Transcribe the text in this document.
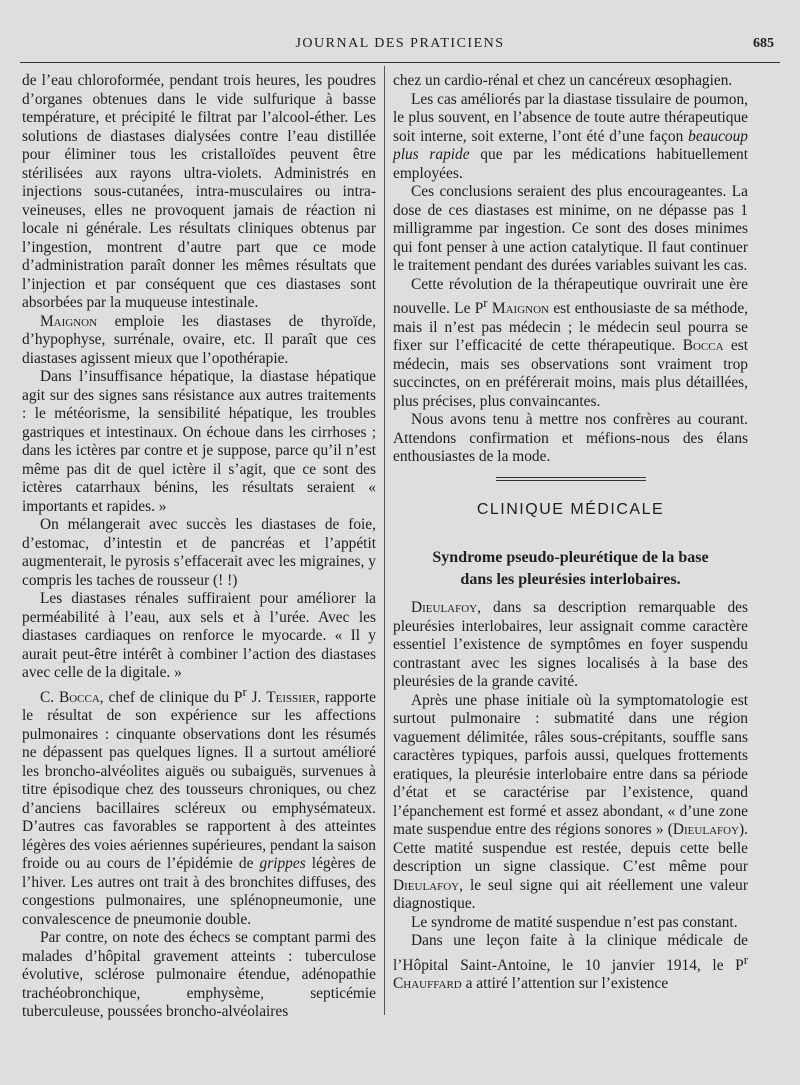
JOURNAL DES PRATICIENS	685

de l’eau chloroformée, pendant trois heures, les poudres d’organes obtenues dans le vide sulfurique à basse température, et précipité le filtrat par l’alcool-éther. Les solutions de diastases dialysées contre l’eau distillée pour éliminer tous les cristalloïdes peuvent être stérilisées aux rayons ultra-violets. Administrés en injections sous-cutanées, intra-musculaires ou intra-veineuses, elles ne provoquent jamais de réaction ni locale ni générale. Les résultats cliniques obtenus par l’ingestion, montrent d’autre part que ce mode d’administration paraît donner les mêmes résultats que l’injection et par conséquent que ces diastases sont absorbées par la muqueuse intestinale.

Maignon emploie les diastases de thyroïde, d’hypophyse, surrénale, ovaire, etc. Il paraît que ces diastases agissent mieux que l’opothérapie.

Dans l’insuffisance hépatique, la diastase hépatique agit sur des signes sans résistance aux autres traitements : le météorisme, la sensibilité hépatique, les troubles gastriques et intestinaux. On échoue dans les cirrhoses ; dans les ictères par contre et je suppose, parce qu’il n’est même pas dit de quel ictère il s’agit, que ce sont des ictères catarrhaux bénins, les résultats seraient « importants et rapides. »

On mélangerait avec succès les diastases de foie, d’estomac, d’intestin et de pancréas et l’appétit augmenterait, le pyrosis s’effacerait avec les migraines, y compris les taches de rousseur (! !)

Les diastases rénales suffiraient pour améliorer la perméabilité à l’eau, aux sels et à l’urée. Avec les diastases cardiaques on renforce le myocarde. « Il y aurait peut-être intérêt à combiner l’action des diastases avec celle de la digitale. »

C. Bocca, chef de clinique du $P^r$ J. Teissier, rapporte le résultat de son expérience sur les affections pulmonaires : cinquante observations dont les résumés ne dépassent pas quelques lignes. Il a surtout amélioré les broncho-alvéolites aiguës ou subaiguës, survenues à titre épisodique chez des tousseurs chroniques, ou chez d’anciens bacillaires scléreux ou emphysémateux. D’autres cas favorables se rapportent à des atteintes légères des voies aériennes supérieures, pendant la saison froide ou au cours de l’épidémie de grippes légères de l’hiver. Les autres ont trait à des bronchites diffuses, des congestions pulmonaires, une splénopneumonie, une convalescence de pneumonie double.

Par contre, on note des échecs se comptant parmi des malades d’hôpital gravement atteints : tuberculose évolutive, sclérose pulmonaire étendue, adénopathie trachéobronchique, emphysème, septicémie tuberculeuse, poussées broncho-alvéolaires

chez un cardio-rénal et chez un cancéreux œsophagien.

Les cas améliorés par la diastase tissulaire de poumon, le plus souvent, en l’absence de toute autre thérapeutique soit interne, soit externe, l’ont été d’une façon beaucoup plus rapide que par les médications habituellement employées.

Ces conclusions seraient des plus encourageantes. La dose de ces diastases est minime, on ne dépasse pas 1 milligramme par ingestion. Ce sont des doses minimes qui font penser à une action catalytique. Il faut continuer le traitement pendant des durées variables suivant les cas.

Cette révolution de la thérapeutique ouvrirait une ère nouvelle. Le $P^r$ Maignon est enthousiaste de sa méthode, mais il n’est pas médecin ; le médecin seul pourra se fixer sur l’efficacité de cette thérapeutique. Bocca est médecin, mais ses observations sont vraiment trop succinctes, on en préférerait moins, mais plus détaillées, plus précises, plus convaincantes.

Nous avons tenu à mettre nos confrères au courant. Attendons confirmation et méfions-nous des élans enthousiastes de la mode.

CLINIQUE MÉDICALE
Syndrome pseudo-pleurétique de la base
dans les pleurésies interlobaires.

Dieulafoy, dans sa description remarquable des pleurésies interlobaires, leur assignait comme caractère essentiel l’existence de symptômes en foyer suspendu contrastant avec les signes localisés à la base des pleurésies de la grande cavité.

Après une phase initiale où la symptomatologie est surtout pulmonaire : submatité dans une région vaguement délimitée, râles sous-crépitants, souffle sans caractères typiques, parfois aussi, quelques frottements eratiques, la pleurésie interlobaire entre dans sa période d’état et se caractérise par l’existence, quand l’épanchement est formé et assez abondant, « d’une zone mate suspendue entre des régions sonores » (Dieulafoy). Cette matité suspendue est restée, depuis cette belle description un signe classique. C’est même pour Dieulafoy, le seul signe qui ait réellement une valeur diagnostique.

Le syndrome de matité suspendue n’est pas constant.

Dans une leçon faite à la clinique médicale de l’Hôpital Saint-Antoine, le 10 janvier 1914, le $P^r$ Chauffard a attiré l’attention sur l’existence
